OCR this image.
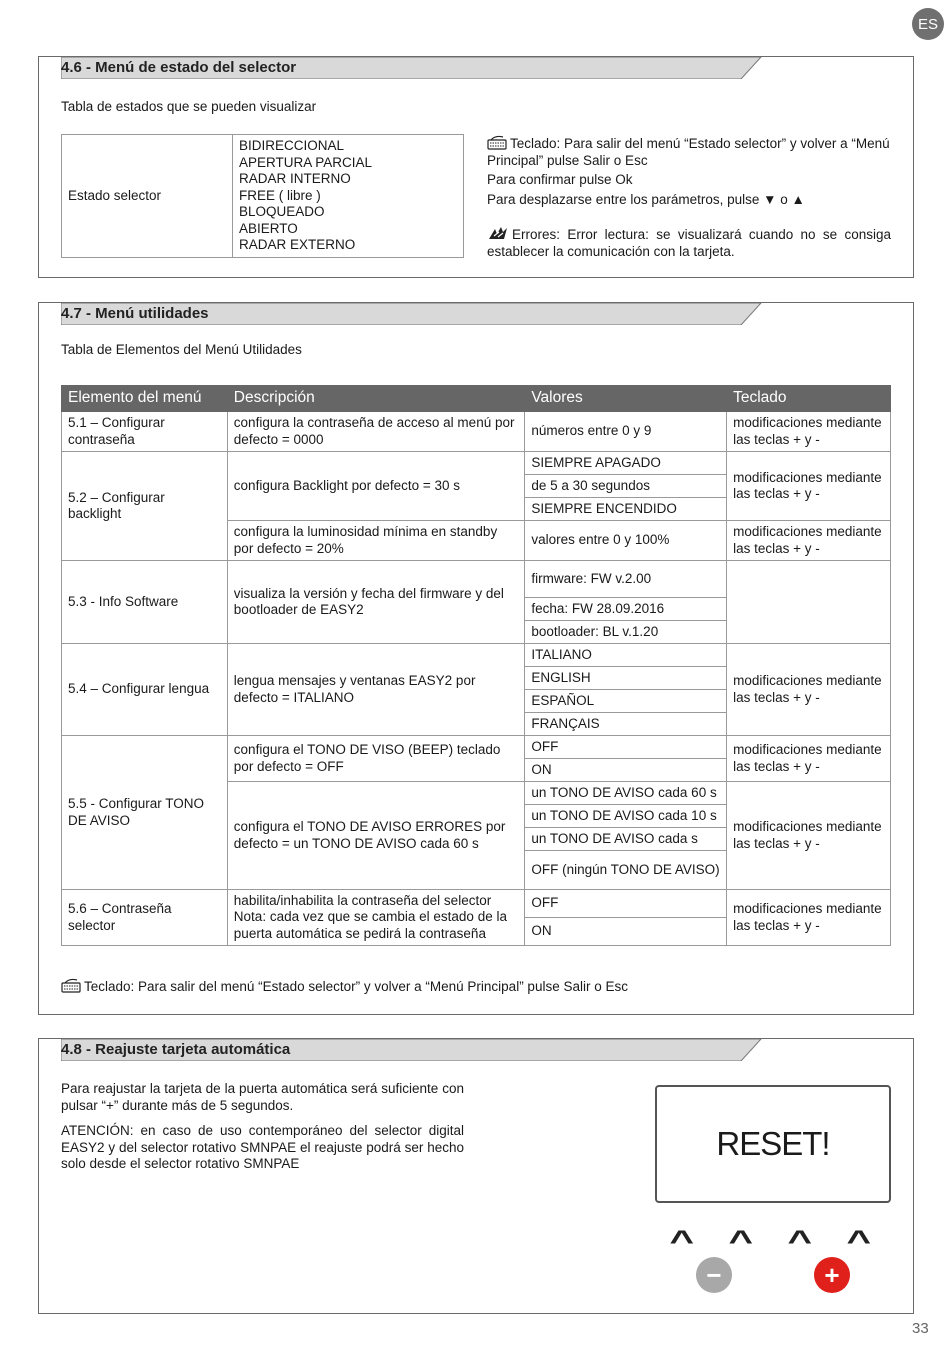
ES
4.6 - Menú de estado del selector
Tabla de estados que se pueden visualizar
Estado selector	
BIDIRECCIONAL
APERTURA PARCIAL
RADAR INTERNO
FREE ( libre )
BLOQUEADO
ABIERTO
RADAR EXTERNO
Teclado: Para salir del menú “Estado selector” y volver a “Menú Principal” pulse Salir o Esc
Para confirmar pulse Ok
Para desplazarse entre los parámetros, pulse ▼ o ▲
Errores: Error lectura: se visualizará cuando no se consiga establecer la comunicación con la tarjeta.
4.7 - Menú utilidades
Tabla de Elementos del Menú Utilidades
Elemento del menú	Descripción	Valores	Teclado
5.1 – Configurar contraseña	configura la contraseña de acceso al menú por defecto = 0000	números entre 0 y 9	modificaciones mediante las teclas + y -
5.2 – Configurar backlight	configura Backlight por defecto = 30 s	SIEMPRE APAGADO	modificaciones mediante las teclas + y -
		de 5 a 30 segundos	
		SIEMPRE ENCENDIDO	
	configura la luminosidad mínima en standby por defecto = 20%	valores entre 0 y 100%	modificaciones mediante las teclas + y -
5.3 - Info Software	visualiza la versión y fecha del firmware y del bootloader de EASY2	firmware: FW v.2.00	
		fecha: FW 28.09.2016	
		bootloader: BL v.1.20	
5.4 – Configurar lengua	lengua mensajes y ventanas EASY2 por defecto = ITALIANO	ITALIANO	modificaciones mediante las teclas + y -
		ENGLISH	
		ESPAÑOL	
		FRANÇAIS	
5.5 - Configurar TONO DE AVISO	configura el TONO DE VISO (BEEP) teclado por defecto = OFF	OFF	modificaciones mediante las teclas + y -
		ON	
	configura el TONO DE AVISO ERRORES por defecto = un TONO DE AVISO cada 60 s	un TONO DE AVISO cada 60 s	modificaciones mediante las teclas + y -
		un TONO DE AVISO cada 10 s	
		un TONO DE AVISO cada s	
		OFF (ningún TONO DE AVISO)	
5.6 – Contraseña selector	habilita/inhabilita la contraseña del selector Nota: cada vez que se cambia el estado de la puerta automática se pedirá la contraseña	OFF	modificaciones mediante las teclas + y -
		ON	
Teclado: Para salir del menú “Estado selector” y volver a “Menú Principal” pulse Salir o Esc
4.8 - Reajuste tarjeta automática
Para reajustar la tarjeta de la puerta automática será suficiente con pulsar “+” durante más de 5 segundos.
ATENCIÓN: en caso de uso contemporáneo del selector digital EASY2 y del selector rotativo SMNPAE el reajuste podrá ser hecho solo desde el selector rotativo SMNPAE
RESET!
^ ^ ^ ^
−	+
33
